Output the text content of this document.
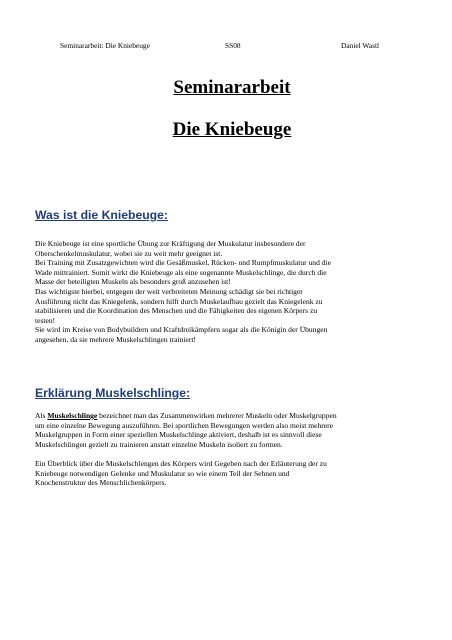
Seminararbeit: Die Kniebeuge	SS08	Daniel Wastl
Seminararbeit
Die Kniebeuge
Was ist die Kniebeuge:
Die Kniebeuge ist eine sportliche Übung zur Kräftigung der Muskulatur insbesondere der
Oberschenkelmuskulatur, wobei sie zu weit mehr geeignet ist.
Bei Training mit Zusatzgewichten wird die Gesäßmuskel, Rücken- und Rumpfmuskulatur und die
Wade mittrainiert. Somit wirkt die Kniebeuge als eine sogenannte Muskelschlinge, die durch die
Masse der beteiligten Muskeln als besonders groß anzusehen ist!
Das wichtigste hierbei, entgegen der weit verbreiteten Meinung schädigt sie bei richtiger
Ausführung nicht das Kniegelenk, sondern hilft durch Muskelaufbau gezielt das Kniegelenk zu
stabilisieren und die Koordination des Menschen und die Fähigkeiten des eigenen Körpers zu
testen!
Sie wird im Kreise von Bodybuildern und Kraftdreikämpfern sogar als die Königin der Übungen
angesehen, da sie mehrere Muskelschlingen trainiert!
Erklärung Muskelschlinge:
Als Muskelschlinge bezeichnet man das Zusammenwirken mehrerer Muskeln oder Muskelgruppen
um eine einzelne Bewegung auszuführen. Bei sportlichen Bewegungen werden also meist mehrere
Muskelgruppen in Form einer speziellen Muskelschlinge aktiviert, deshalb ist es sinnvoll diese
Muskelschlingen gezielt zu trainieren anstatt einzelne Muskeln isoliert zu formen.
Ein Überblick über die Muskelschlengen des Körpers wird Gegeben nach der Erläuterung der zu
Kniebeuge notwendigen Gelenke und Muskulatur so wie einem Teil der Sehnen und
Knochenstruktur des Menschlichenkörpers.
